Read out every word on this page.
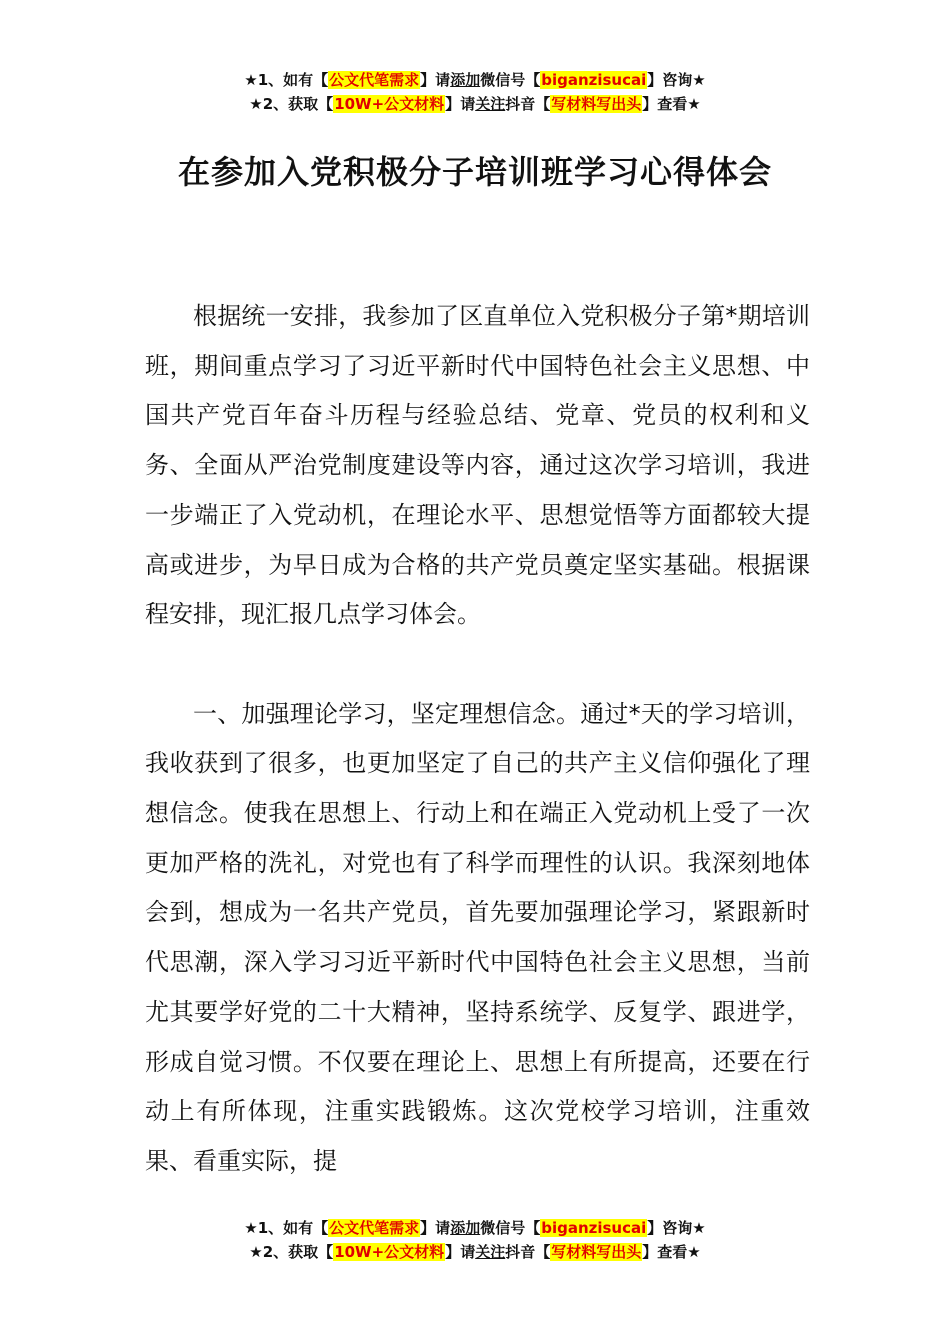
★1、如有【公文代笔需求】请添加微信号【biganzisucai】咨询★
★2、获取【10W+公文材料】请关注抖音【写材料写出头】查看★
在参加入党积极分子培训班学习心得体会

根据统一安排，我参加了区直单位入党积极分子第*期培训班，期间重点学习了习近平新时代中国特色社会主义思想、中国共产党百年奋斗历程与经验总结、党章、党员的权利和义务、全面从严治党制度建设等内容，通过这次学习培训，我进一步端正了入党动机，在理论水平、思想觉悟等方面都较大提高或进步，为早日成为合格的共产党员奠定坚实基础。根据课程安排，现汇报几点学习体会。

一、加强理论学习，坚定理想信念。通过*天的学习培训，我收获到了很多，也更加坚定了自己的共产主义信仰强化了理想信念。使我在思想上、行动上和在端正入党动机上受了一次更加严格的洗礼，对党也有了科学而理性的认识。我深刻地体会到，想成为一名共产党员，首先要加强理论学习，紧跟新时代思潮，深入学习习近平新时代中国特色社会主义思想，当前尤其要学好党的二十大精神，坚持系统学、反复学、跟进学，形成自觉习惯。不仅要在理论上、思想上有所提高，还要在行动上有所体现，注重实践锻炼。这次党校学习培训，注重效果、看重实际，提

★1、如有【公文代笔需求】请添加微信号【biganzisucai】咨询★
★2、获取【10W+公文材料】请关注抖音【写材料写出头】查看★
